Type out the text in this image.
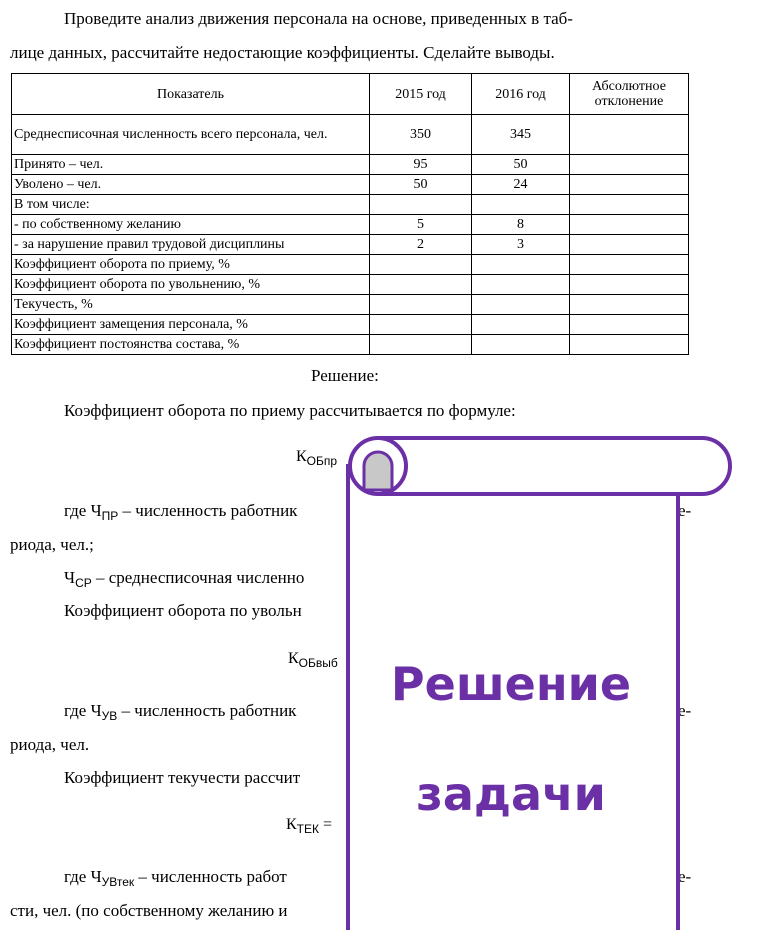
Проведите анализ движения персонала на основе, приведенных в таб-

лице данных, рассчитайте недостающие коэффициенты. Сделайте выводы.

Показатель	2015 год	2016 год	Абсолютное отклонение
Среднесписочная численность всего персонала, чел.	350	345	
Принято – чел.	95	50	
Уволено – чел.	50	24	
В том числе:			
- по собственному желанию	5	8	
- за нарушение правил трудовой дисциплины	2	3	
Коэффициент оборота по приему, %			
Коэффициент оборота по увольнению, %			
Текучесть, %			
Коэффициент замещения персонала, %			
Коэффициент постоянства состава, %			

Решение:

Коэффициент оборота по приему рассчитывается по формуле:

$К_{ОБпр}$

где $Ч_{ПР}$ – численность работник	е-

риода, чел.;

$Ч_{СР}$ – среднесписочная численно

Коэффициент оборота по увольн

$К_{ОБвыб}$

где $Ч_{УВ}$ – численность работник	е-

риода, чел.

Коэффициент текучести рассчит

$К_{ТЕК}$ =

где $Ч_{УВтек}$ – численность работ	е-

сти, чел. (по собственному желанию и

Решение
задачи
